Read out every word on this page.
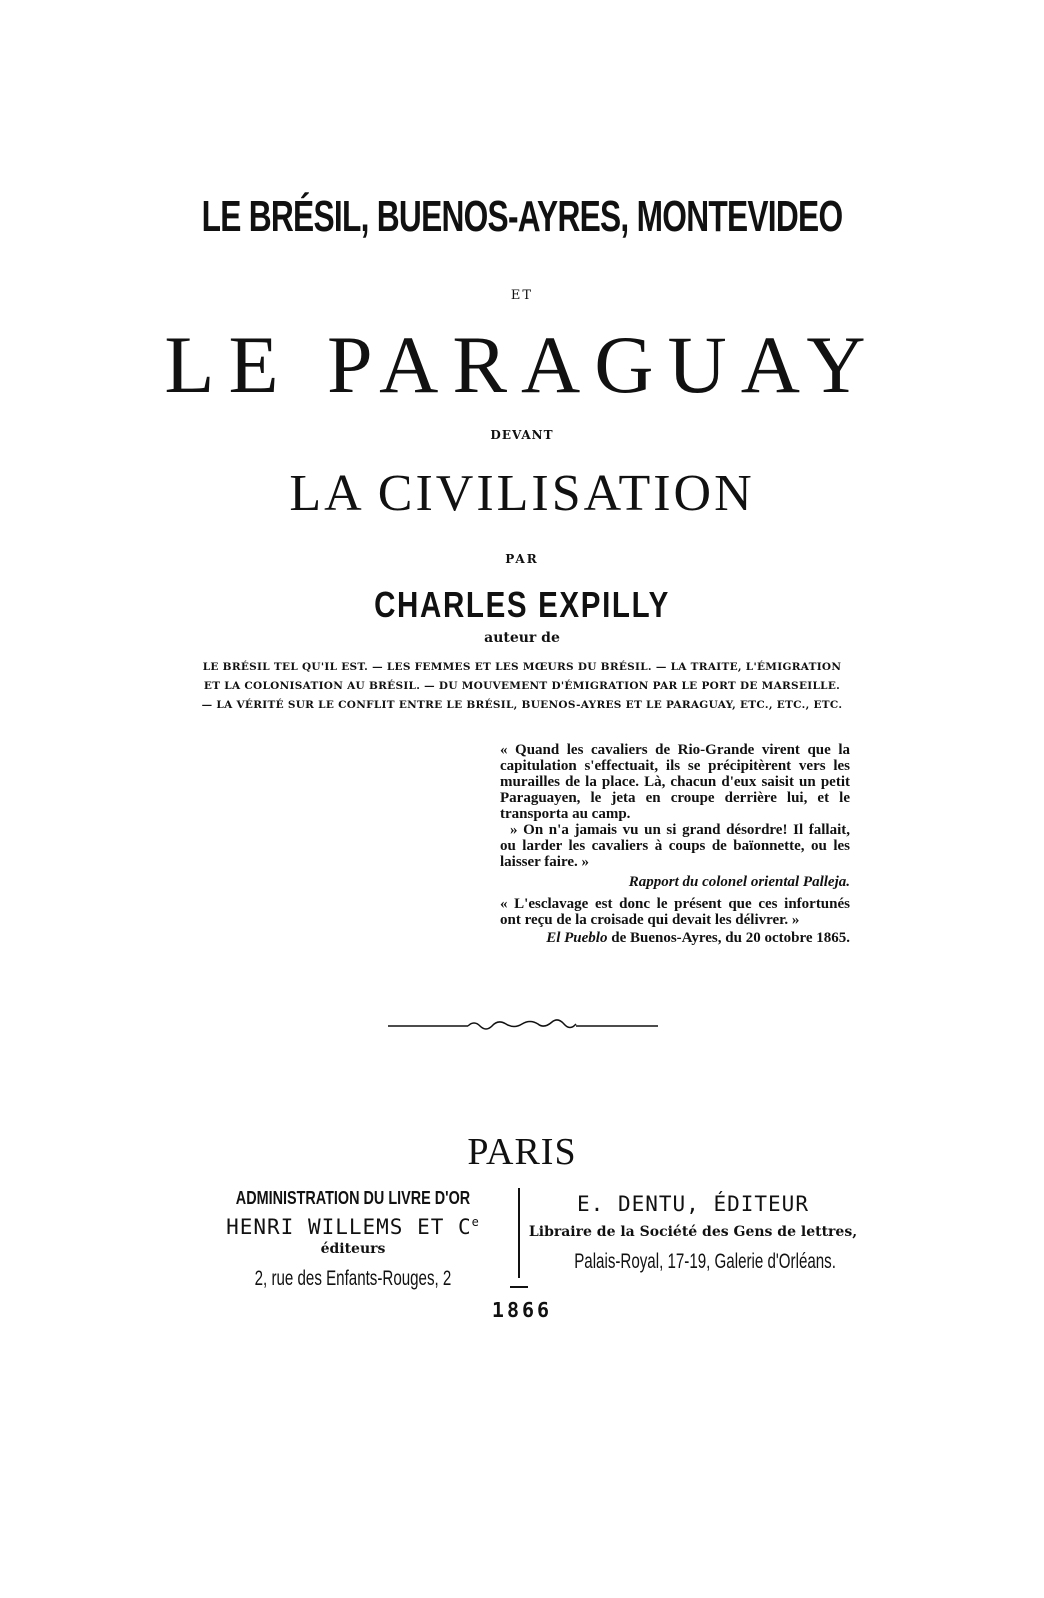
LE BRÉSIL, BUENOS-AYRES, MONTEVIDEO
ET
LE PARAGUAY
DEVANT
LA CIVILISATION
PAR
CHARLES EXPILLY
auteur de
LE BRÉSIL TEL QU'IL EST. — LES FEMMES ET LES MŒURS DU BRÉSIL. — LA TRAITE, L'ÉMIGRATION
ET LA COLONISATION AU BRÉSIL. — DU MOUVEMENT D'ÉMIGRATION PAR LE PORT DE MARSEILLE.
— LA VÉRITÉ SUR LE CONFLIT ENTRE LE BRÉSIL, BUENOS-AYRES ET LE PARAGUAY, ETC., ETC., ETC.

« Quand les cavaliers de Rio-Grande virent que la capitulation s'effectuait, ils se précipitèrent vers les murailles de la place. Là, chacun d'eux saisit un petit Paraguayen, le jeta en croupe derrière lui, et le transporta au camp.

» On n'a jamais vu un si grand désordre! Il fallait, ou larder les cavaliers à coups de baïonnette, ou les laisser faire. »

Rapport du colonel oriental Palleja.

« L'esclavage est donc le présent que ces infortunés ont reçu de la croisade qui devait les délivrer. »

El Pueblo de Buenos-Ayres, du 20 octobre 1865.

PARIS
ADMINISTRATION DU LIVRE D'OR
HENRI WILLEMS ET Ce
éditeurs
2, rue des Enfants-Rouges, 2
E. DENTU, ÉDITEUR
Libraire de la Société des Gens de lettres,
Palais-Royal, 17-19, Galerie d'Orléans.
1866
